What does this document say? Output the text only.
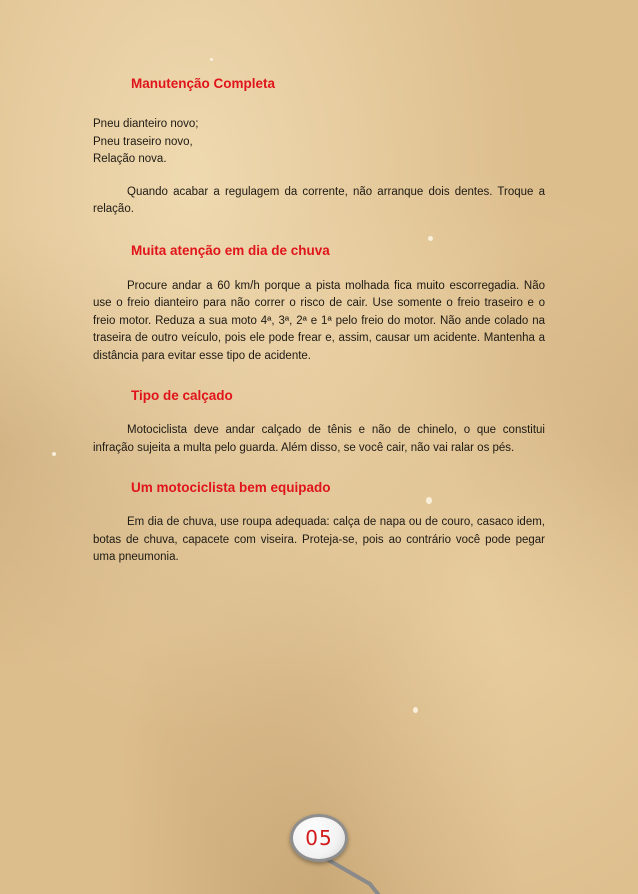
Manutenção Completa
Pneu dianteiro novo;
Pneu traseiro novo,
Relação nova.

Quando acabar a regulagem da corrente, não arranque dois dentes. Troque a relação.

Muita atenção em dia de chuva

Procure andar a 60 km/h porque a pista molhada fica muito escorregadia. Não use o freio dianteiro para não correr o risco de cair. Use somente o freio traseiro e o freio motor. Reduza a sua moto 4ª, 3ª, 2ª e 1ª pelo freio do motor. Não ande colado na traseira de outro veículo, pois ele pode frear e, assim, causar um acidente. Mantenha a distância para evitar esse tipo de acidente.

Tipo de calçado

Motociclista deve andar calçado de tênis e não de chinelo, o que constitui infração sujeita a multa pelo guarda. Além disso, se você cair, não vai ralar os pés.

Um motociclista bem equipado

Em dia de chuva, use roupa adequada: calça de napa ou de couro, casaco idem, botas de chuva, capacete com viseira. Proteja-se, pois ao contrário você pode pegar uma pneumonia.

05
